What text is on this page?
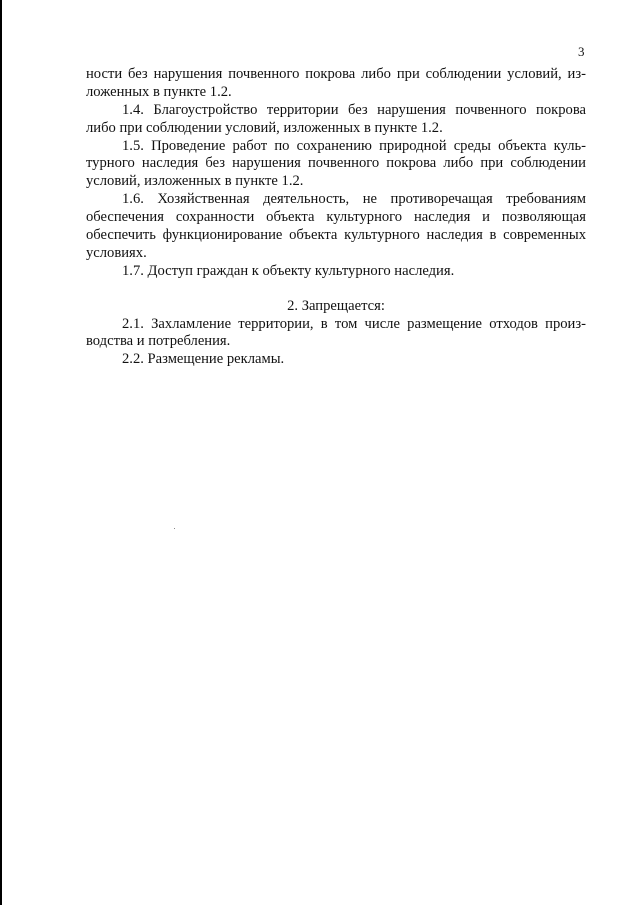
3
ности без нарушения почвенного покрова либо при соблюдении условий, из-
ложенных в пункте 1.2.
1.4. Благоустройство территории без нарушения почвенного покрова
либо при соблюдении условий, изложенных в пункте 1.2.
1.5. Проведение работ по сохранению природной среды объекта куль-
турного наследия без нарушения почвенного покрова либо при соблюдении
условий, изложенных в пункте 1.2.
1.6. Хозяйственная деятельность, не противоречащая требованиям
обеспечения сохранности объекта культурного наследия и позволяющая
обеспечить функционирование объекта культурного наследия в современных
условиях.
1.7. Доступ граждан к объекту культурного наследия.
2. Запрещается:
2.1. Захламление территории, в том числе размещение отходов произ-
водства и потребления.
2.2. Размещение рекламы.
